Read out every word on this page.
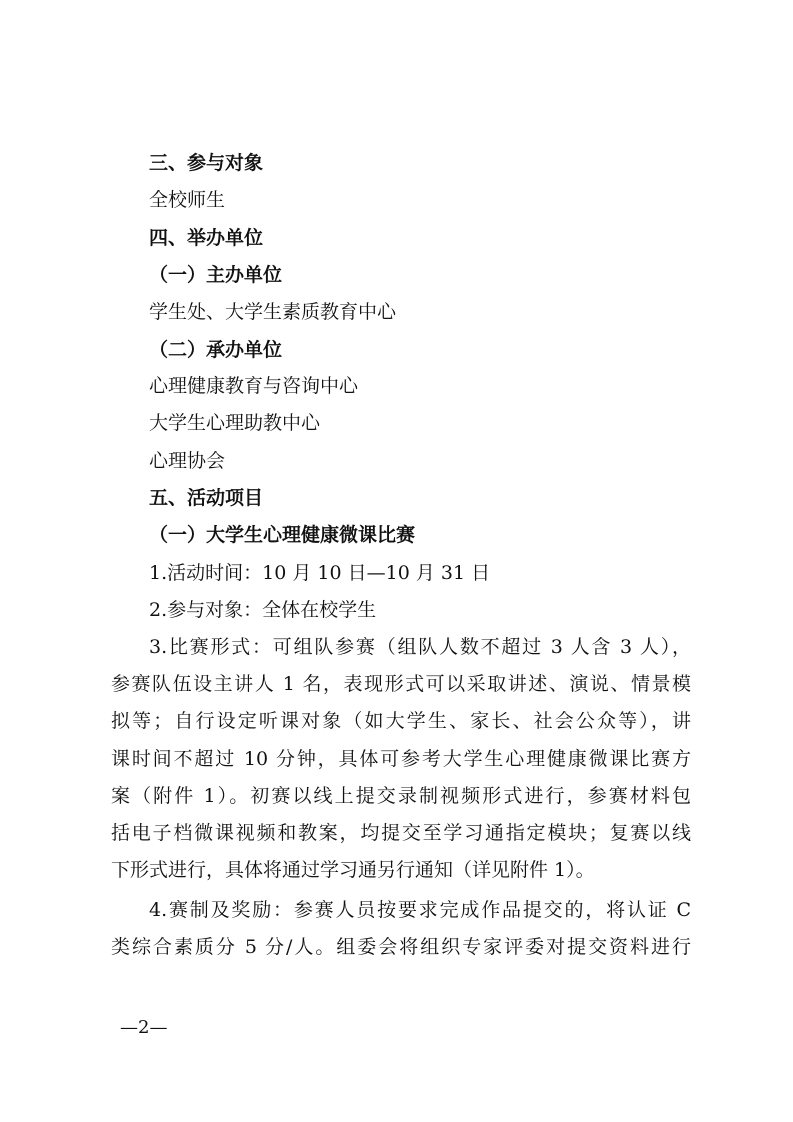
三、参与对象
全校师生
四、举办单位
（一）主办单位
学生处、大学生素质教育中心
（二）承办单位
心理健康教育与咨询中心
大学生心理助教中心
心理协会
五、活动项目
（一）大学生心理健康微课比赛
1.活动时间：10 月 10 日—10 月 31 日
2.参与对象：全体在校学生
3.比赛形式：可组队参赛（组队人数不超过 3 人含 3 人），
参赛队伍设主讲人 1 名，表现形式可以采取讲述、演说、情景模
拟等；自行设定听课对象（如大学生、家长、社会公众等），讲
课时间不超过 10 分钟，具体可参考大学生心理健康微课比赛方
案（附件 1）。初赛以线上提交录制视频形式进行，参赛材料包
括电子档微课视频和教案，均提交至学习通指定模块；复赛以线
下形式进行，具体将通过学习通另行通知（详见附件 1）。
4.赛制及奖励：参赛人员按要求完成作品提交的，将认证 C
类综合素质分 5 分/人。组委会将组织专家评委对提交资料进行
—2—
